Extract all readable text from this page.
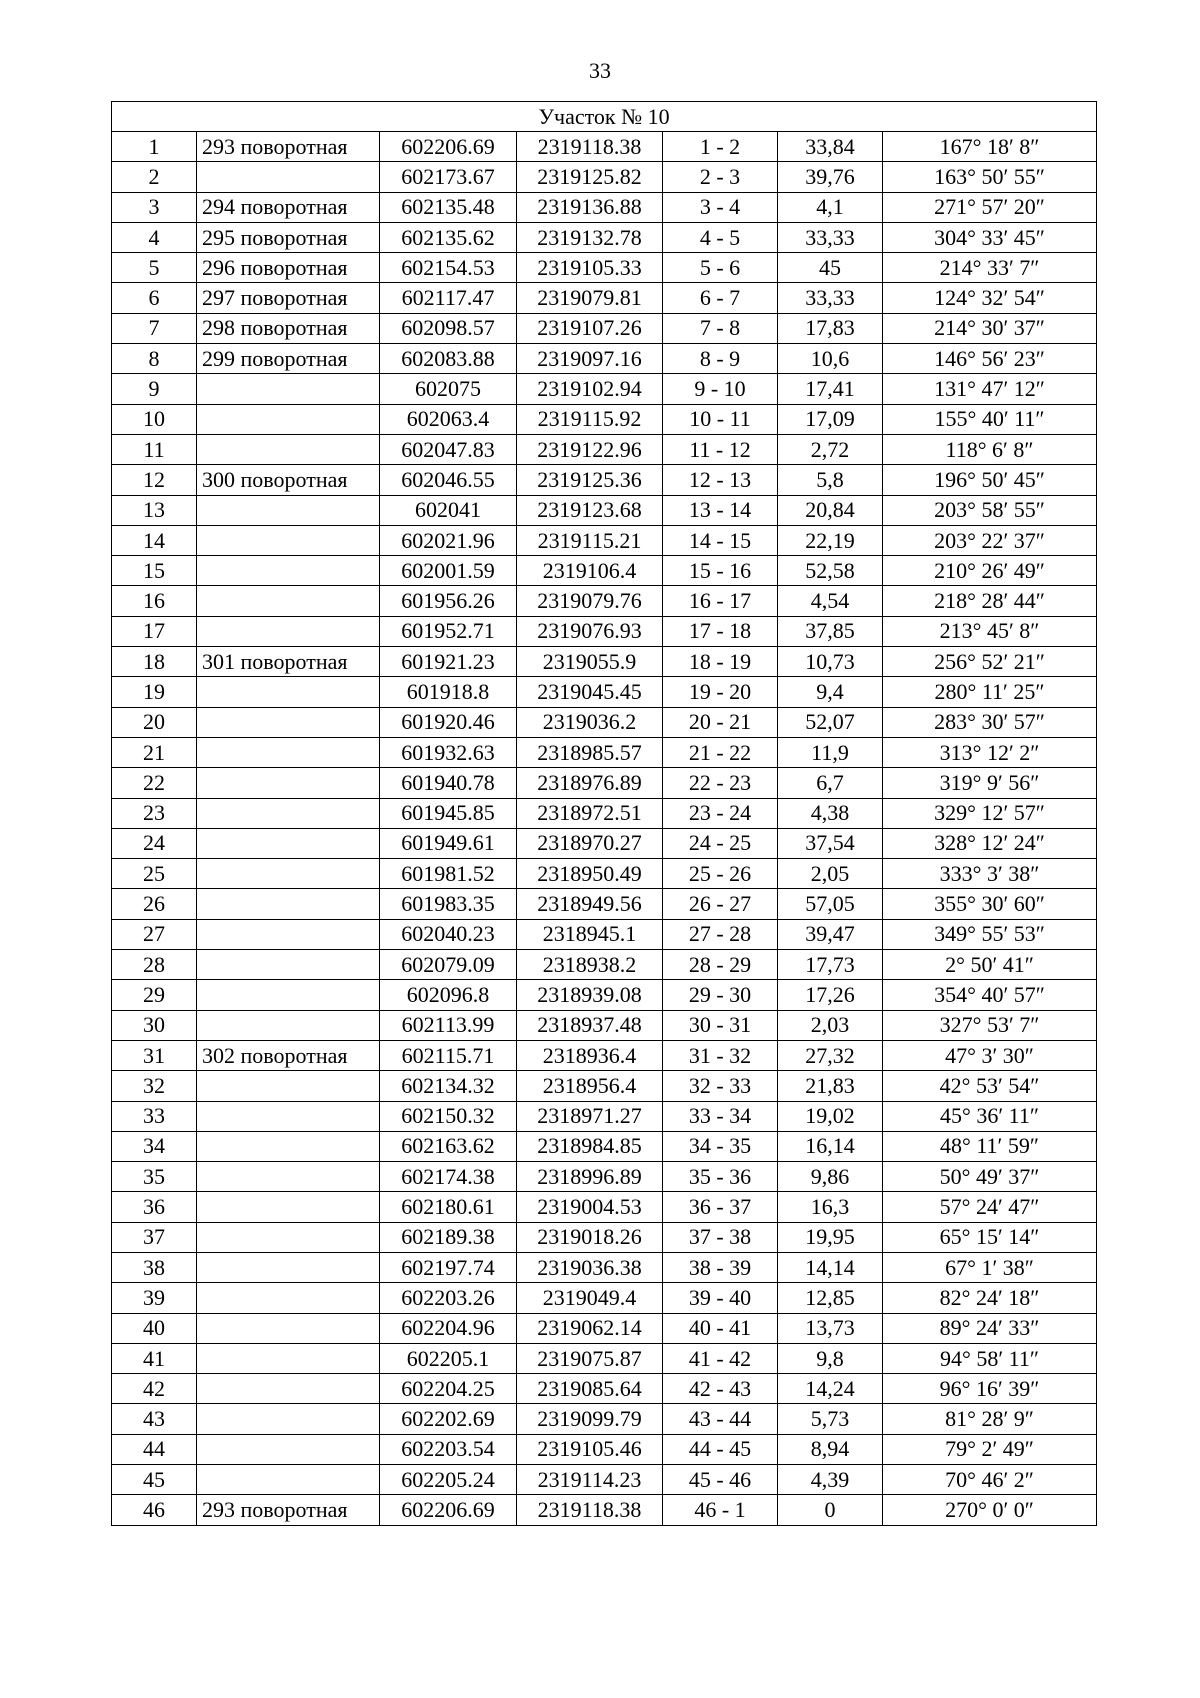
33
Участок № 10						
1	293 поворотная	602206.69	2319118.38	1 - 2	33,84	167° 18′ 8″
2		602173.67	2319125.82	2 - 3	39,76	163° 50′ 55″
3	294 поворотная	602135.48	2319136.88	3 - 4	4,1	271° 57′ 20″
4	295 поворотная	602135.62	2319132.78	4 - 5	33,33	304° 33′ 45″
5	296 поворотная	602154.53	2319105.33	5 - 6	45	214° 33′ 7″
6	297 поворотная	602117.47	2319079.81	6 - 7	33,33	124° 32′ 54″
7	298 поворотная	602098.57	2319107.26	7 - 8	17,83	214° 30′ 37″
8	299 поворотная	602083.88	2319097.16	8 - 9	10,6	146° 56′ 23″
9		602075	2319102.94	9 - 10	17,41	131° 47′ 12″
10		602063.4	2319115.92	10 - 11	17,09	155° 40′ 11″
11		602047.83	2319122.96	11 - 12	2,72	118° 6′ 8″
12	300 поворотная	602046.55	2319125.36	12 - 13	5,8	196° 50′ 45″
13		602041	2319123.68	13 - 14	20,84	203° 58′ 55″
14		602021.96	2319115.21	14 - 15	22,19	203° 22′ 37″
15		602001.59	2319106.4	15 - 16	52,58	210° 26′ 49″
16		601956.26	2319079.76	16 - 17	4,54	218° 28′ 44″
17		601952.71	2319076.93	17 - 18	37,85	213° 45′ 8″
18	301 поворотная	601921.23	2319055.9	18 - 19	10,73	256° 52′ 21″
19		601918.8	2319045.45	19 - 20	9,4	280° 11′ 25″
20		601920.46	2319036.2	20 - 21	52,07	283° 30′ 57″
21		601932.63	2318985.57	21 - 22	11,9	313° 12′ 2″
22		601940.78	2318976.89	22 - 23	6,7	319° 9′ 56″
23		601945.85	2318972.51	23 - 24	4,38	329° 12′ 57″
24		601949.61	2318970.27	24 - 25	37,54	328° 12′ 24″
25		601981.52	2318950.49	25 - 26	2,05	333° 3′ 38″
26		601983.35	2318949.56	26 - 27	57,05	355° 30′ 60″
27		602040.23	2318945.1	27 - 28	39,47	349° 55′ 53″
28		602079.09	2318938.2	28 - 29	17,73	2° 50′ 41″
29		602096.8	2318939.08	29 - 30	17,26	354° 40′ 57″
30		602113.99	2318937.48	30 - 31	2,03	327° 53′ 7″
31	302 поворотная	602115.71	2318936.4	31 - 32	27,32	47° 3′ 30″
32		602134.32	2318956.4	32 - 33	21,83	42° 53′ 54″
33		602150.32	2318971.27	33 - 34	19,02	45° 36′ 11″
34		602163.62	2318984.85	34 - 35	16,14	48° 11′ 59″
35		602174.38	2318996.89	35 - 36	9,86	50° 49′ 37″
36		602180.61	2319004.53	36 - 37	16,3	57° 24′ 47″
37		602189.38	2319018.26	37 - 38	19,95	65° 15′ 14″
38		602197.74	2319036.38	38 - 39	14,14	67° 1′ 38″
39		602203.26	2319049.4	39 - 40	12,85	82° 24′ 18″
40		602204.96	2319062.14	40 - 41	13,73	89° 24′ 33″
41		602205.1	2319075.87	41 - 42	9,8	94° 58′ 11″
42		602204.25	2319085.64	42 - 43	14,24	96° 16′ 39″
43		602202.69	2319099.79	43 - 44	5,73	81° 28′ 9″
44		602203.54	2319105.46	44 - 45	8,94	79° 2′ 49″
45		602205.24	2319114.23	45 - 46	4,39	70° 46′ 2″
46	293 поворотная	602206.69	2319118.38	46 - 1	0	270° 0′ 0″
